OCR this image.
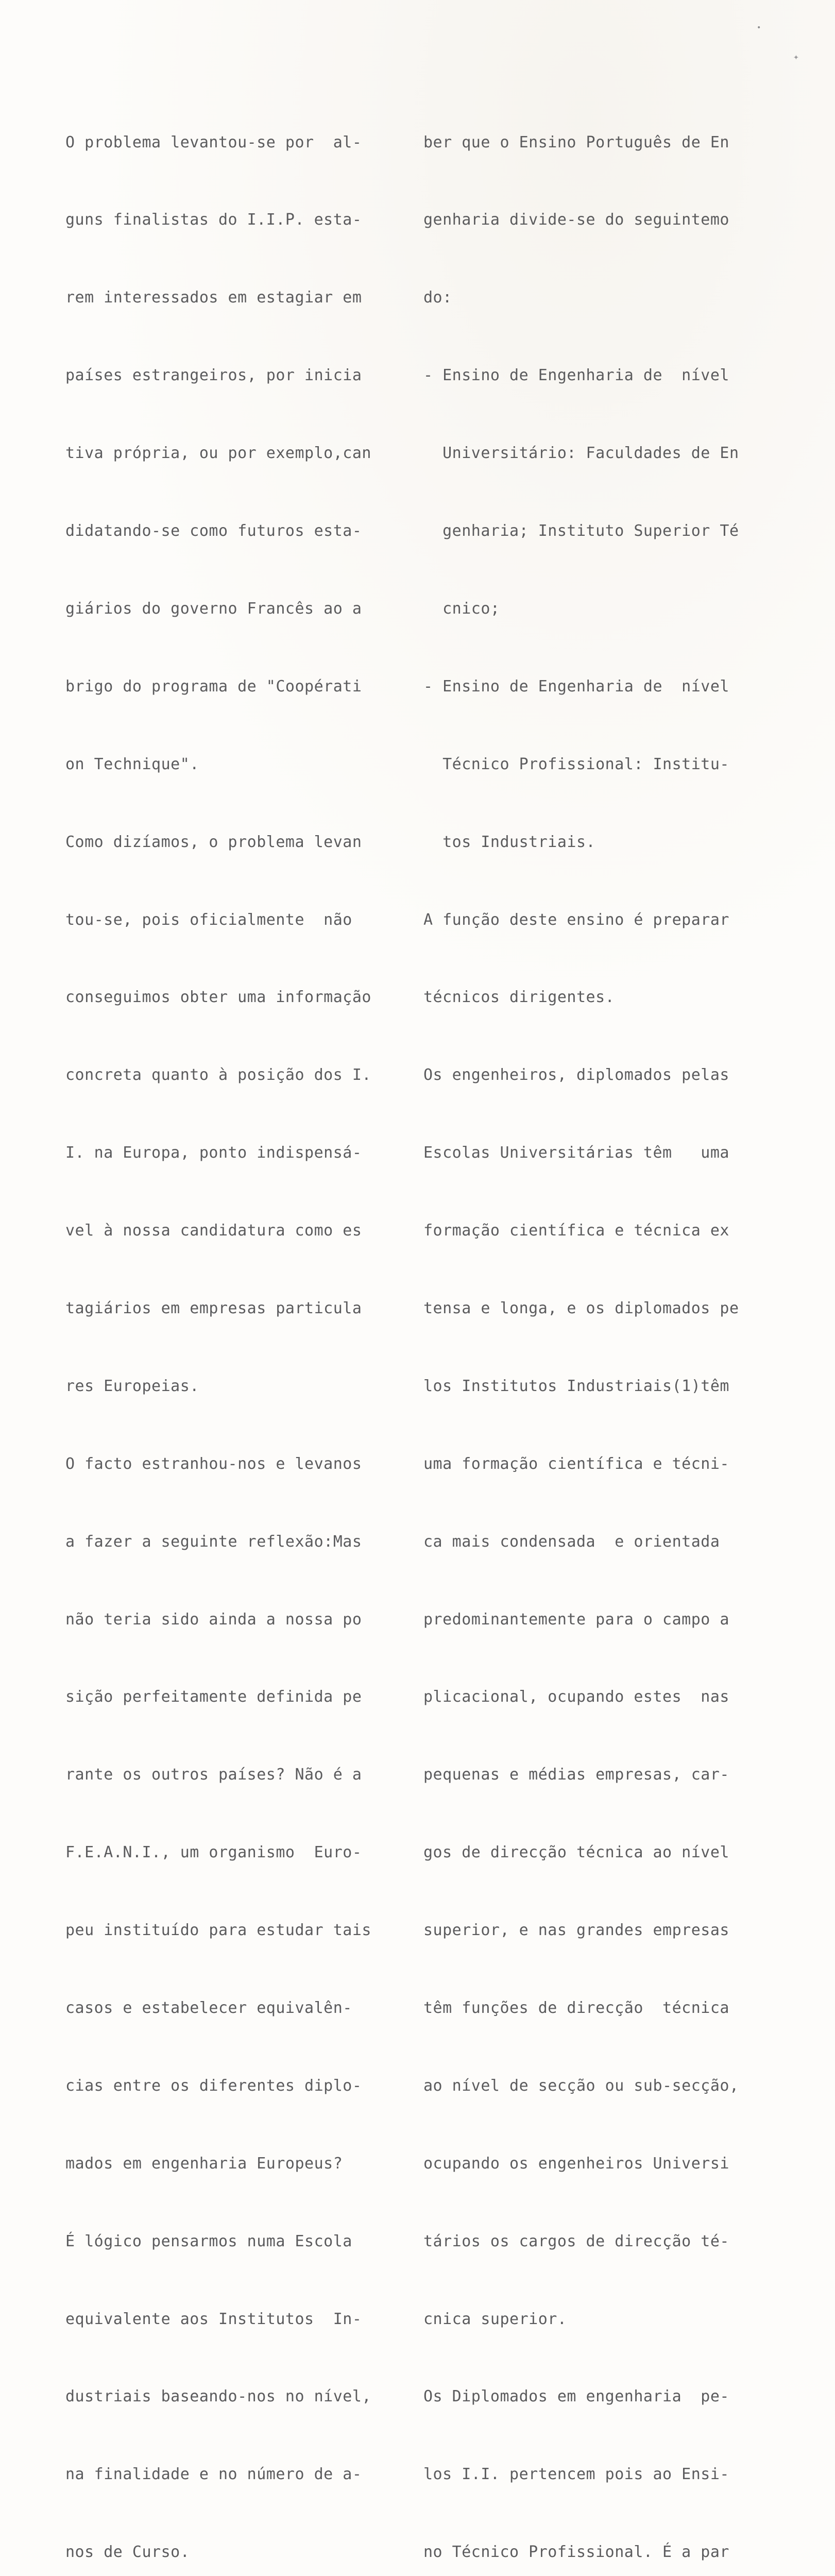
•
✦

O problema levantou-se por  al-

guns finalistas do I.I.P. esta-

rem interessados em estagiar em

países estrangeiros, por inicia

tiva própria, ou por exemplo,can

didatando-se como futuros esta-

giários do governo Francês ao a

brigo do programa de "Coopérati

on Technique".

Como dizíamos, o problema levan

tou-se, pois oficialmente  não

conseguimos obter uma informação

concreta quanto à posição dos I.

I. na Europa, ponto indispensá-

vel à nossa candidatura como es

tagiários em empresas particula

res Europeias.

O facto estranhou-nos e levanos

a fazer a seguinte reflexão:Mas

não teria sido ainda a nossa po

sição perfeitamente definida pe

rante os outros países? Não é a

F.E.A.N.I., um organismo  Euro-

peu instituído para estudar tais

casos e estabelecer equivalên-

cias entre os diferentes diplo-

mados em engenharia Europeus?

É lógico pensarmos numa Escola

equivalente aos Institutos  In-

dustriais baseando-nos no nível,

na finalidade e no número de a-

nos de Curso.

ber que o Ensino Português de En

genharia divide-se do seguintemo

do:

- Ensino de Engenharia de  nível

Universitário: Faculdades de En

genharia; Instituto Superior Té

cnico;

- Ensino de Engenharia de  nível

Técnico Profissional: Institu-

tos Industriais.

A função deste ensino é preparar

técnicos dirigentes.

Os engenheiros, diplomados pelas

Escolas Universitárias têm   uma

formação científica e técnica ex

tensa e longa, e os diplomados pe

los Institutos Industriais(1)têm

uma formação científica e técni-

ca mais condensada  e orientada

predominantemente para o campo a

plicacional, ocupando estes  nas

pequenas e médias empresas, car-

gos de direcção técnica ao nível

superior, e nas grandes empresas

têm funções de direcção  técnica

ao nível de secção ou sub-secção,

ocupando os engenheiros Universi

tários os cargos de direcção té-

cnica superior.

Os Diplomados em engenharia  pe-

los I.I. pertencem pois ao Ensi-

no Técnico Profissional. É a par
